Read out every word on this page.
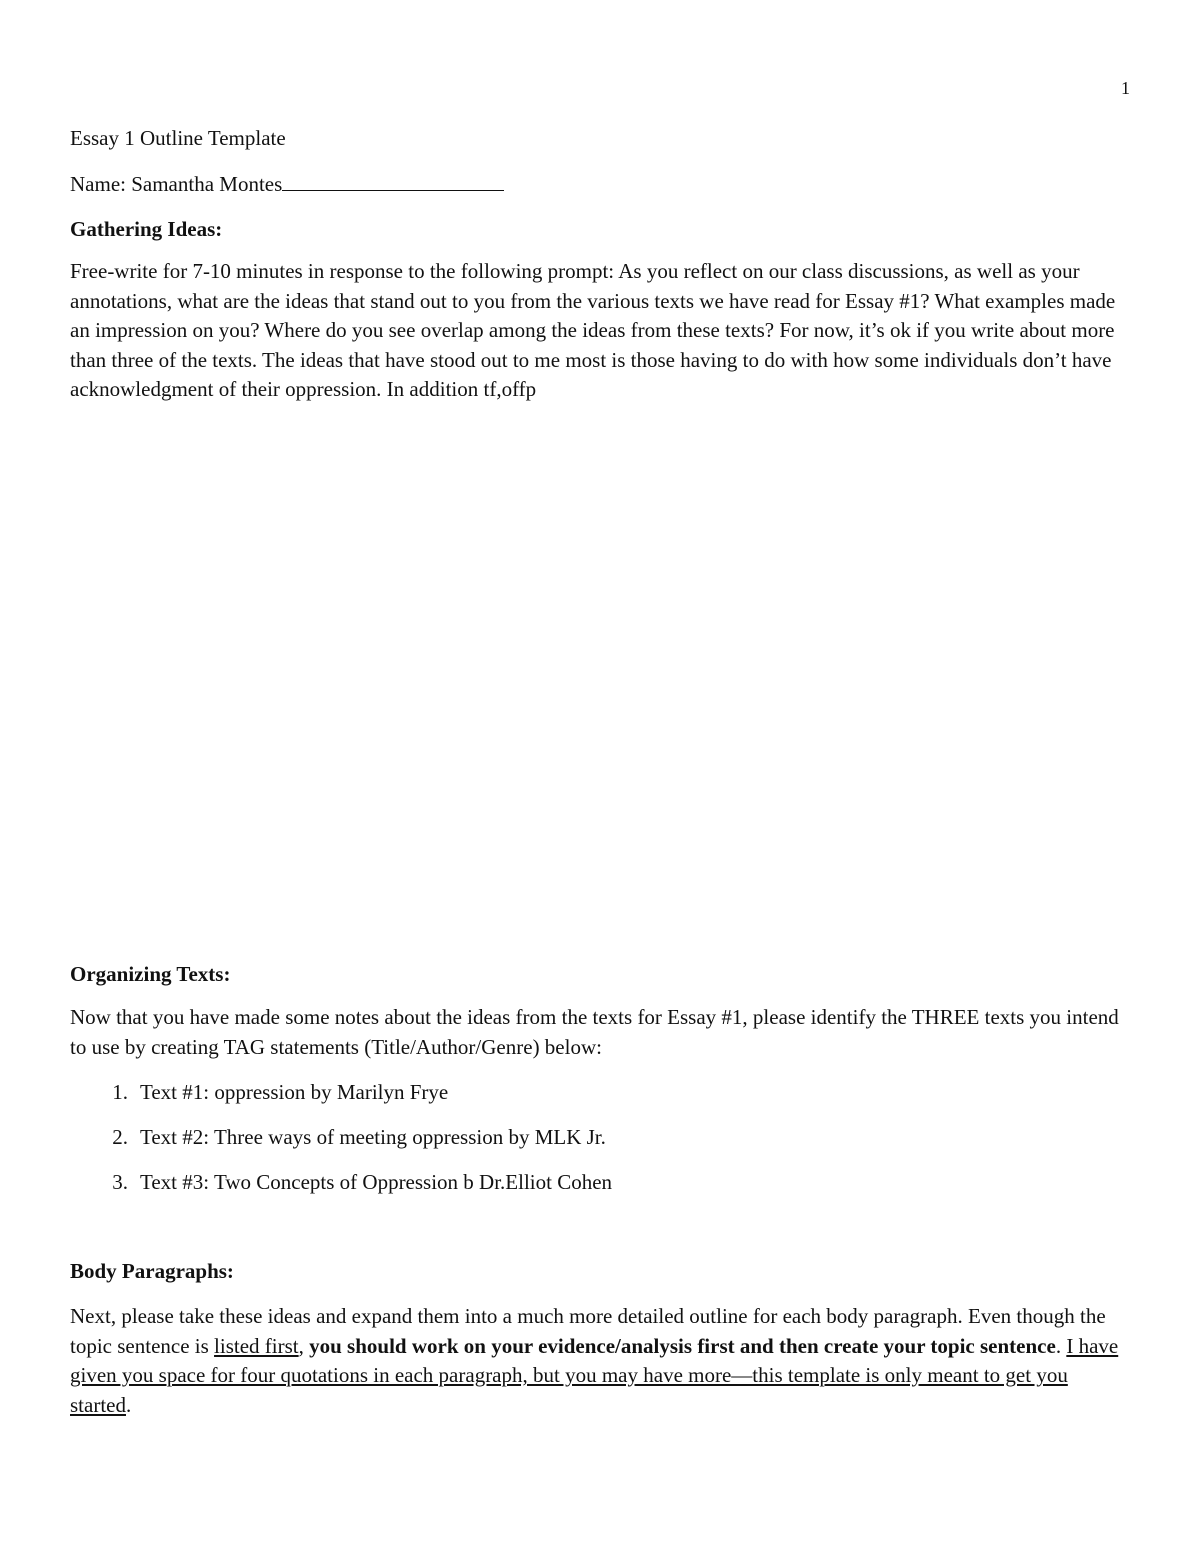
1

Essay 1 Outline Template

Name: Samantha Montes

Gathering Ideas:

Free-write for 7-10 minutes in response to the following prompt: As you reflect on our class discussions, as well as your annotations, what are the ideas that stand out to you from the various texts we have read for Essay #1? What examples made an impression on you? Where do you see overlap among the ideas from these texts? For now, it’s ok if you write about more than three of the texts. The ideas that have stood out to me most is those having to do with how some individuals don’t have acknowledgment of their oppression. In addition tf,offp

Organizing Texts:

Now that you have made some notes about the ideas from the texts for Essay #1, please identify the THREE texts you intend to use by creating TAG statements (Title/Author/Genre) below:

1. Text #1: oppression by Marilyn Frye
2. Text #2: Three ways of meeting oppression by MLK Jr.
3. Text #3: Two Concepts of Oppression b Dr.Elliot Cohen

Body Paragraphs:

Next, please take these ideas and expand them into a much more detailed outline for each body paragraph. Even though the topic sentence is listed first, you should work on your evidence/analysis first and then create your topic sentence. I have given you space for four quotations in each paragraph, but you may have more—this template is only meant to get you started.
